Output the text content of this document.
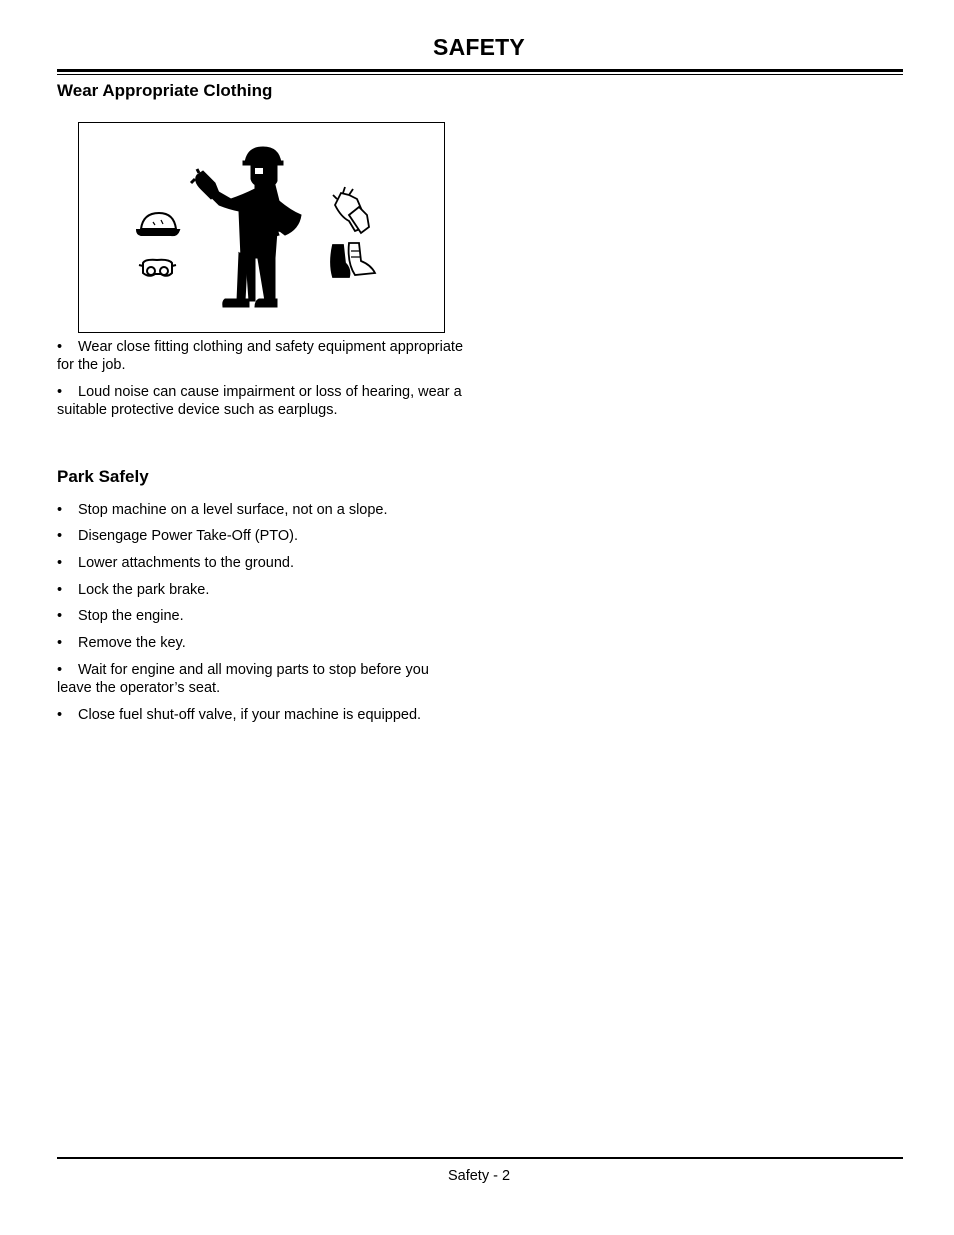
SAFETY
Wear Appropriate Clothing
• Wear close fitting clothing and safety equipment appropriate for the job.
• Loud noise can cause impairment or loss of hearing, wear a suitable protective device such as earplugs.
Park Safely
• Stop machine on a level surface, not on a slope.
• Disengage Power Take-Off (PTO).
• Lower attachments to the ground.
• Lock the park brake.
• Stop the engine.
• Remove the key.
• Wait for engine and all moving parts to stop before you leave the operator’s seat.
• Close fuel shut-off valve, if your machine is equipped.
Safety - 2
